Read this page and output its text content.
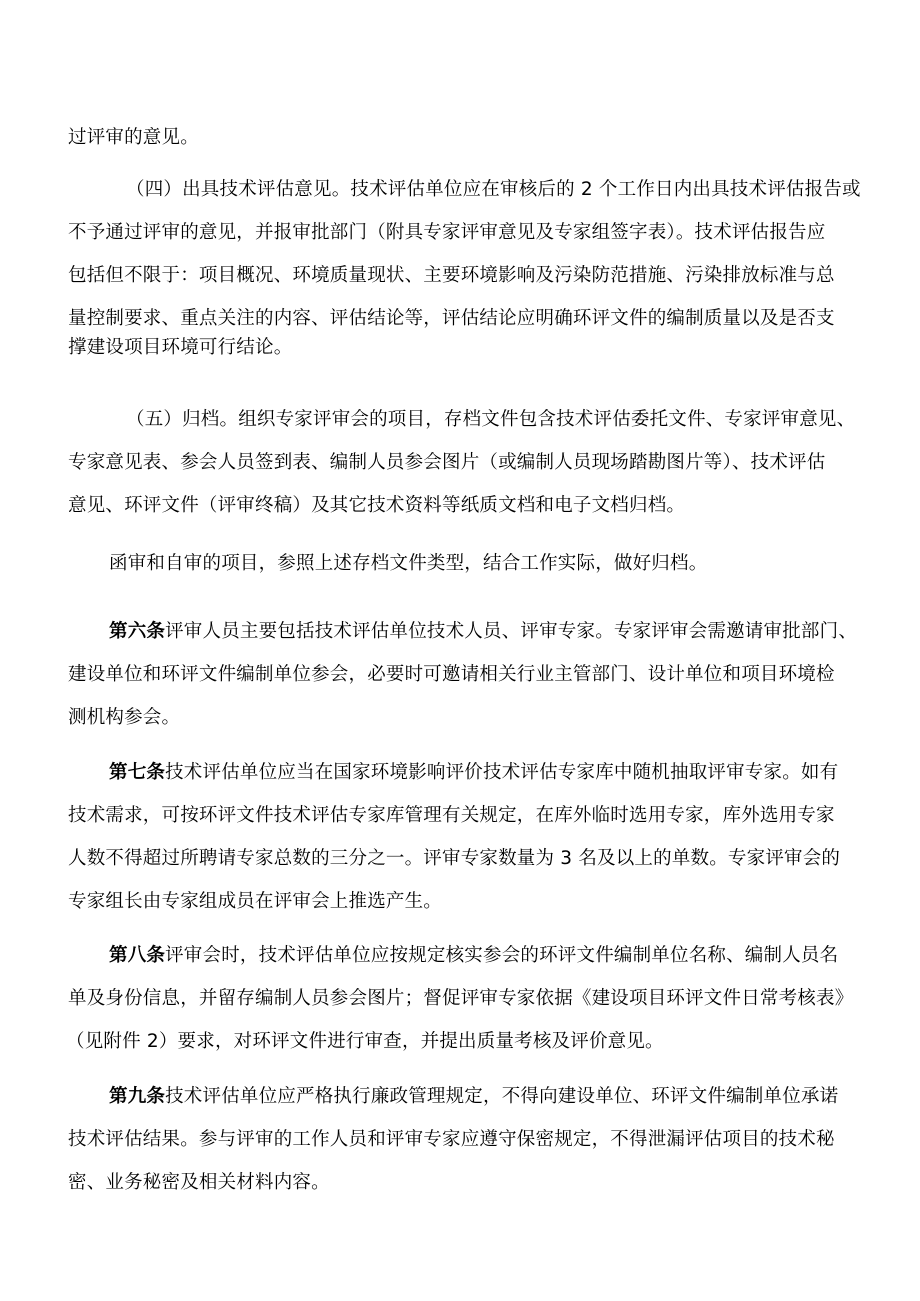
过评审的意见。
（四）出具技术评估意见。技术评估单位应在审核后的 2 个工作日内出具技术评估报告或
不予通过评审的意见，并报审批部门（附具专家评审意见及专家组签字表）。技术评估报告应
包括但不限于：项目概况、环境质量现状、主要环境影响及污染防范措施、污染排放标准与总
量控制要求、重点关注的内容、评估结论等，评估结论应明确环评文件的编制质量以及是否支
撑建设项目环境可行结论。
（五）归档。组织专家评审会的项目，存档文件包含技术评估委托文件、专家评审意见、
专家意见表、参会人员签到表、编制人员参会图片（或编制人员现场踏勘图片等）、技术评估
意见、环评文件（评审终稿）及其它技术资料等纸质文档和电子文档归档。
函审和自审的项目，参照上述存档文件类型，结合工作实际，做好归档。
第六条评审人员主要包括技术评估单位技术人员、评审专家。专家评审会需邀请审批部门、
建设单位和环评文件编制单位参会，必要时可邀请相关行业主管部门、设计单位和项目环境检
测机构参会。
第七条技术评估单位应当在国家环境影响评价技术评估专家库中随机抽取评审专家。如有
技术需求，可按环评文件技术评估专家库管理有关规定，在库外临时选用专家，库外选用专家
人数不得超过所聘请专家总数的三分之一。评审专家数量为 3 名及以上的单数。专家评审会的
专家组长由专家组成员在评审会上推选产生。
第八条评审会时，技术评估单位应按规定核实参会的环评文件编制单位名称、编制人员名
单及身份信息，并留存编制人员参会图片；督促评审专家依据《建设项目环评文件日常考核表》
（见附件 2）要求，对环评文件进行审查，并提出质量考核及评价意见。
第九条技术评估单位应严格执行廉政管理规定，不得向建设单位、环评文件编制单位承诺
技术评估结果。参与评审的工作人员和评审专家应遵守保密规定，不得泄漏评估项目的技术秘
密、业务秘密及相关材料内容。
